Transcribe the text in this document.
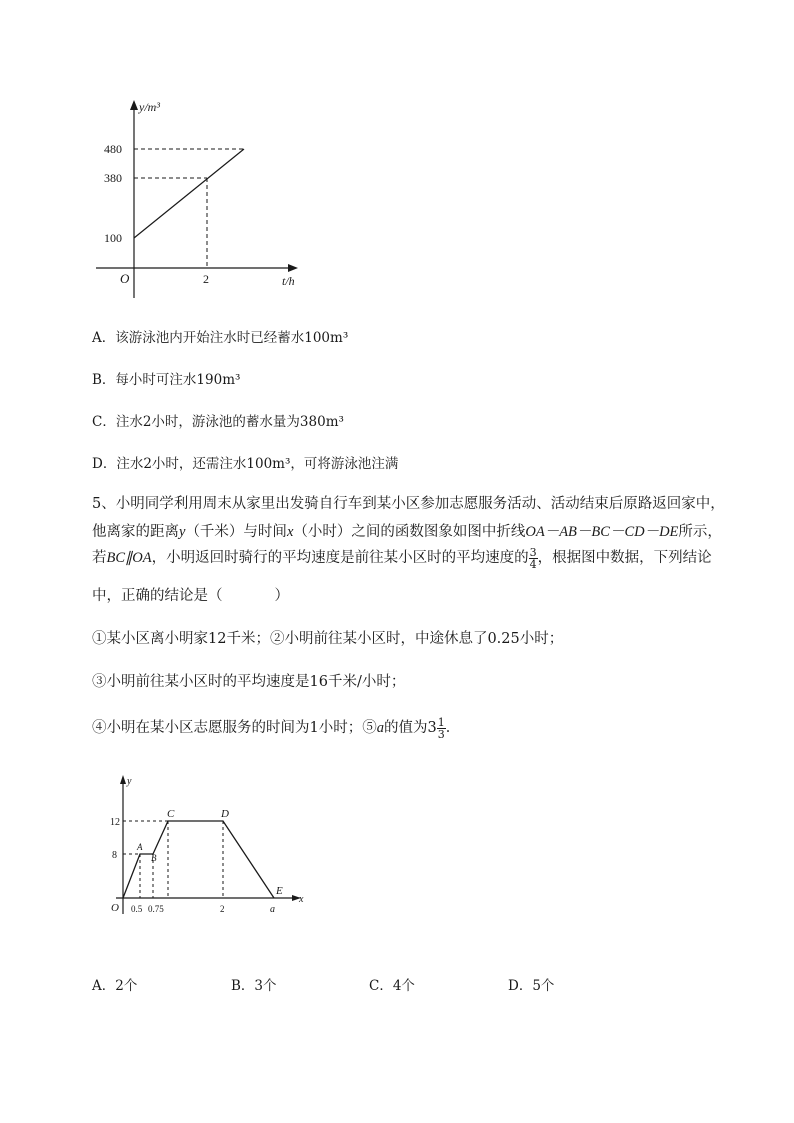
y/m³
480
380
100
O	2	t/h
A．该游泳池内开始注水时已经蓄水100m³
B．每小时可注水190m³
C．注水2小时，游泳池的蓄水量为380m³
D．注水2小时，还需注水100m³，可将游泳池注满
5、小明同学利用周末从家里出发骑自行车到某小区参加志愿服务活动、活动结束后原路返回家中，
他离家的距离y（千米）与时间x（小时）之间的函数图象如图中折线OA－AB－BC－CD－DE所示，
若BC∥OA，小明返回时骑行的平均速度是前往某小区时的平均速度的 $\frac{3}{4}$ ，根据图中数据，下列结论
中，正确的结论是（	）
①某小区离小明家12千米；②小明前往某小区时，中途休息了0.25小时；
③小明前往某小区时的平均速度是16千米/小时；
④小明在某小区志愿服务的时间为1小时；⑤a的值为$3 \frac{1}{3}$ ．
y
12
8
A
B
C	D
E
O 0.5 0.75	2	a
x
A．2个	B．3个	C．4个	D．5个
